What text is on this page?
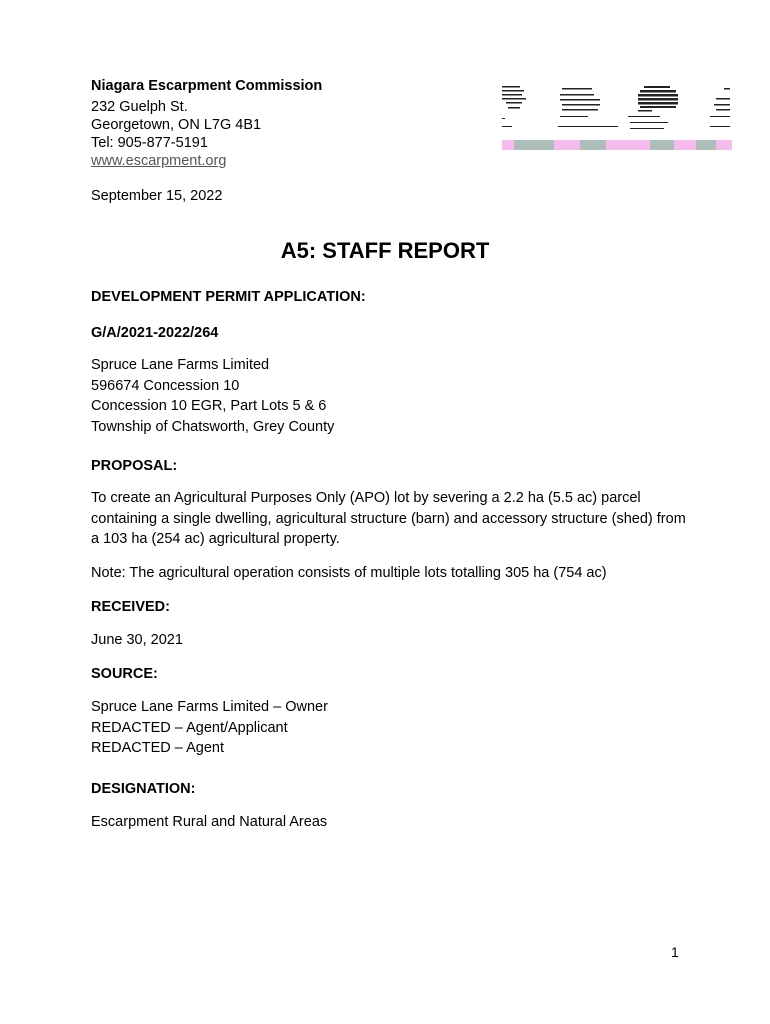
Niagara Escarpment Commission
232 Guelph St.
Georgetown, ON L7G 4B1
Tel: 905-877-5191
www.escarpment.org
September 15, 2022
A5: STAFF REPORT
DEVELOPMENT PERMIT APPLICATION:
G/A/2021-2022/264
Spruce Lane Farms Limited
596674 Concession 10
Concession 10 EGR, Part Lots 5 & 6
Township of Chatsworth, Grey County
PROPOSAL:
To create an Agricultural Purposes Only (APO) lot by severing a 2.2 ha (5.5 ac) parcel containing a single dwelling, agricultural structure (barn) and accessory structure (shed) from a 103 ha (254 ac) agricultural property.
Note: The agricultural operation consists of multiple lots totalling 305 ha (754 ac)
RECEIVED:
June 30, 2021
SOURCE:
Spruce Lane Farms Limited – Owner
REDACTED – Agent/Applicant
REDACTED – Agent
DESIGNATION:
Escarpment Rural and Natural Areas
1
